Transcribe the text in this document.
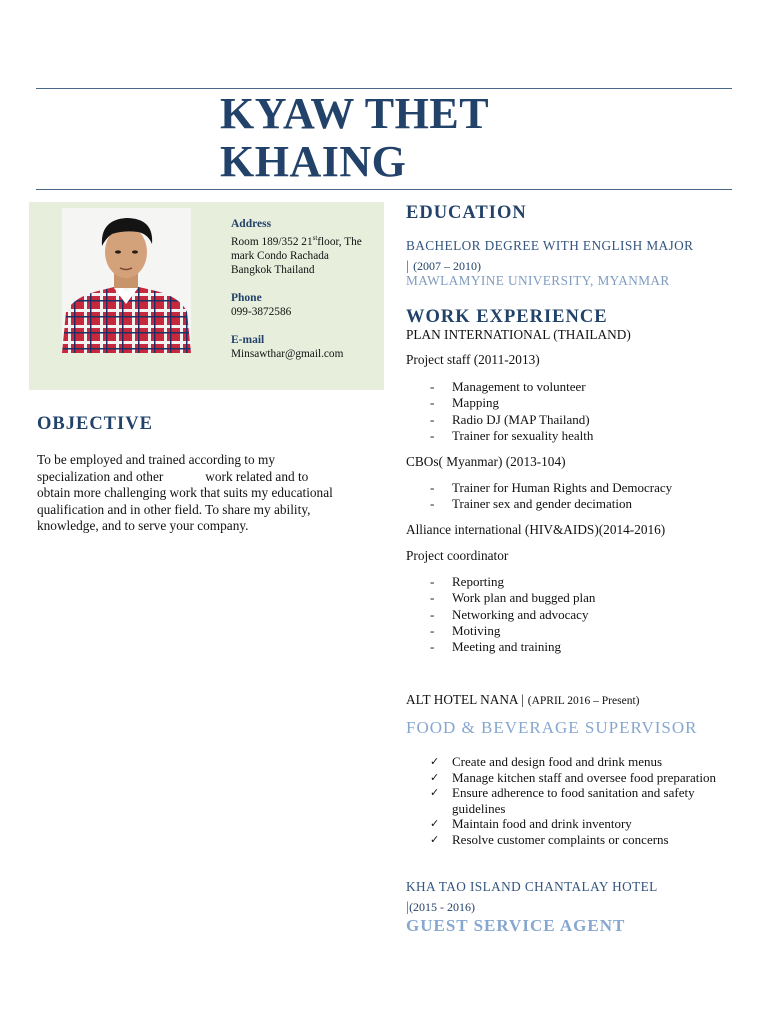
KYAW THET
KHAING
Address
Room 189/352 21stfloor, The
mark Condo Rachada
Bangkok Thailand
Phone
099-3872586
E-mail
Minsawthar@gmail.com
OBJECTIVE
To be employed and trained according to my
specialization and other	work related and to
obtain more challenging work that suits my educational
qualification and in other field. To share my ability,
knowledge, and to serve your company.
EDUCATION
BACHELOR DEGREE WITH ENGLISH MAJOR
| (2007 – 2010)
MAWLAMYINE UNIVERSITY, MYANMAR
WORK EXPERIENCE
PLAN INTERNATIONAL (THAILAND)
Project staff (2011-2013)
- Management to volunteer
- Mapping
- Radio DJ (MAP Thailand)
- Trainer for sexuality health
CBOs( Myanmar) (2013-104)
- Trainer for Human Rights and Democracy
- Trainer sex and gender decimation
Alliance international (HIV&AIDS)(2014-2016)
Project coordinator
- Reporting
- Work plan and bugged plan
- Networking and advocacy
- Motiving
- Meeting and training
ALT HOTEL NANA | (APRIL 2016 – Present)
FOOD & BEVERAGE SUPERVISOR
✓ Create and design food and drink menus
✓ Manage kitchen staff and oversee food preparation
✓ Ensure adherence to food sanitation and safety guidelines
✓ Maintain food and drink inventory
✓ Resolve customer complaints or concerns
KHA TAO ISLAND CHANTALAY HOTEL
|(2015 - 2016)
GUEST SERVICE AGENT
